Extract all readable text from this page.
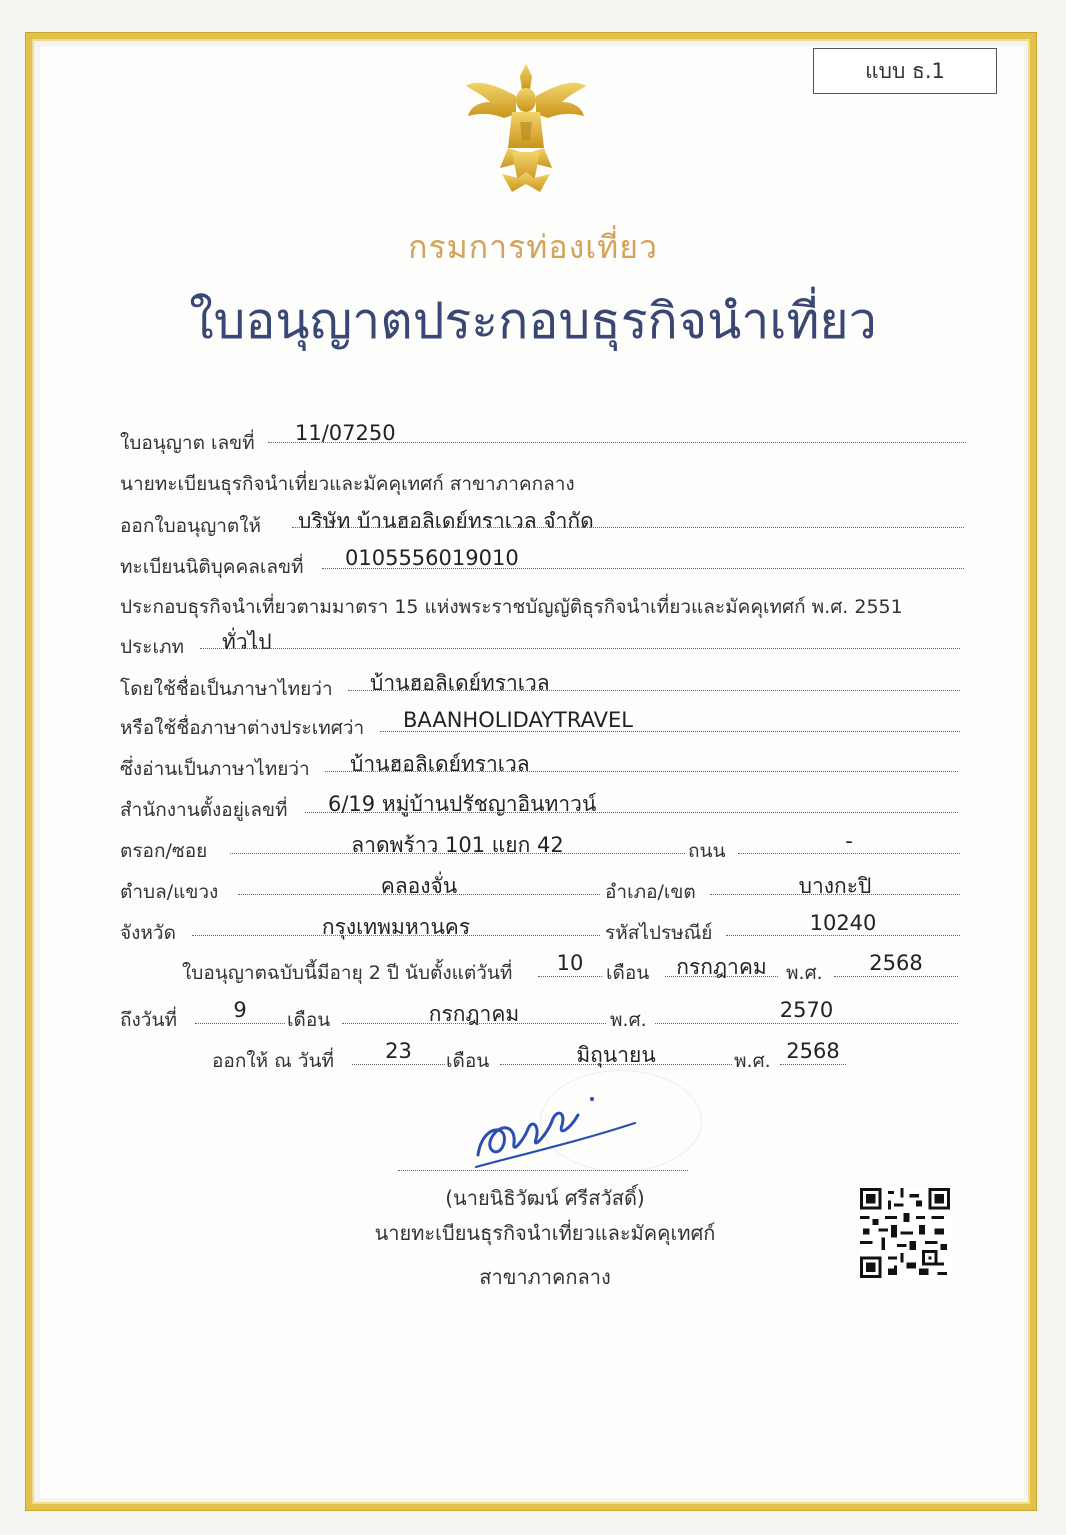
แบบ ธ.1
กรมการท่องเที่ยว
ใบอนุญาตประกอบธุรกิจนำเที่ยว
ใบอนุญาต เลขที่ 11/07250
นายทะเบียนธุรกิจนำเที่ยวและมัคคุเทศก์ สาขาภาคกลาง
ออกใบอนุญาตให้ บริษัท บ้านฮอลิเดย์ทราเวล จำกัด
ทะเบียนนิติบุคคลเลขที่ 0105556019010
ประกอบธุรกิจนำเที่ยวตามมาตรา 15 แห่งพระราชบัญญัติธุรกิจนำเที่ยวและมัคคุเทศก์ พ.ศ. 2551
ประเภท ทั่วไป
โดยใช้ชื่อเป็นภาษาไทยว่า บ้านฮอลิเดย์ทราเวล
หรือใช้ชื่อภาษาต่างประเทศว่า BAANHOLIDAYTRAVEL
ซึ่งอ่านเป็นภาษาไทยว่า บ้านฮอลิเดย์ทราเวล
สำนักงานตั้งอยู่เลขที่ 6/19 หมู่บ้านปรัชญาอินทาวน์
ตรอก/ซอย	ลาดพร้าว 101 แยก 42	ถนน	-
ตำบล/แขวง	คลองจั่น	อำเภอ/เขต	บางกะปิ
จังหวัด	กรุงเทพมหานคร	รหัสไปรษณีย์	10240
ใบอนุญาตฉบับนี้มีอายุ 2 ปี นับตั้งแต่วันที่	10	เดือน	กรกฎาคม	พ.ศ.	2568
ถึงวันที่	9	เดือน	กรกฎาคม	พ.ศ.	2570
ออกให้ ณ วันที่	23	เดือน	มิถุนายน	พ.ศ. 2568
(นายนิธิวัฒน์ ศรีสวัสดิ์)
นายทะเบียนธุรกิจนำเที่ยวและมัคคุเทศก์
สาขาภาคกลาง
